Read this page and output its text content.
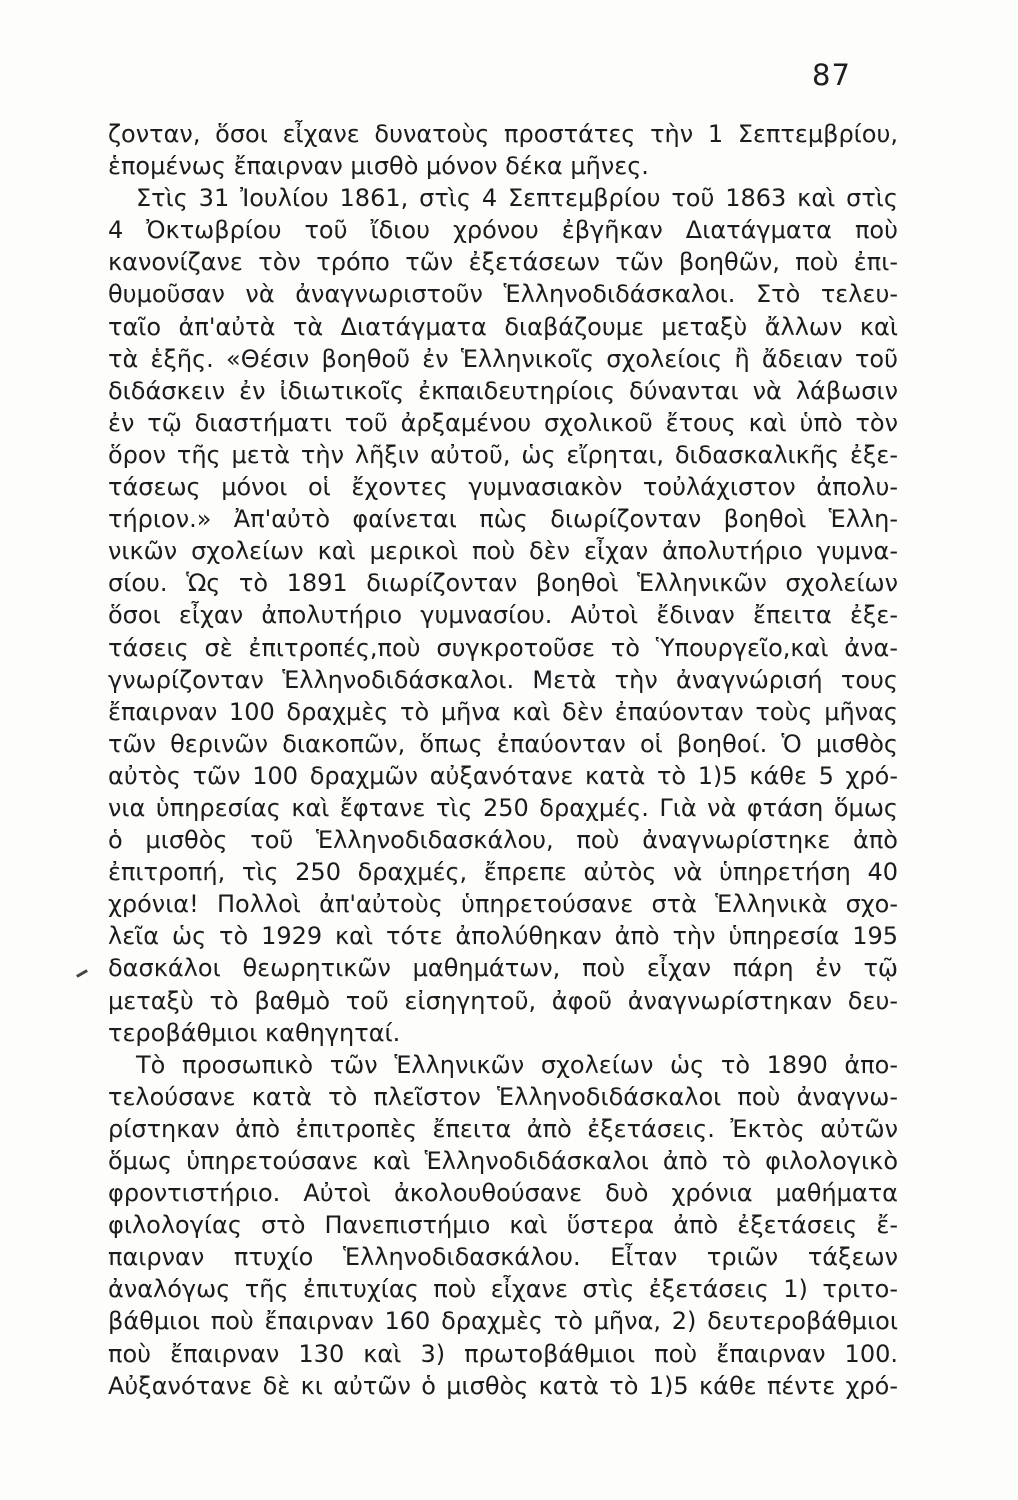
87
ζονταν, ὅσοι εἶχανε δυνατοὺς προστάτες τὴν 1 Σεπτεμβρίου,
ἑπομένως ἔπαιρναν μισθὸ μόνον δέκα μῆνες.
Στὶς 31 Ἰουλίου 1861, στὶς 4 Σεπτεμβρίου τοῦ 1863 καὶ στὶς
4 Ὀκτωβρίου τοῦ ἴδιου χρόνου ἐβγῆκαν Διατάγματα ποὺ
κανονίζανε τὸν τρόπο τῶν ἐξετάσεων τῶν βοηθῶν, ποὺ ἐπι-
θυμοῦσαν νὰ ἀναγνωριστοῦν Ἑλληνοδιδάσκαλοι. Στὸ τελευ-
ταῖο ἀπ'αὐτὰ τὰ Διατάγματα διαβάζουμε μεταξὺ ἄλλων καὶ
τὰ ἑξῆς. «Θέσιν βοηθοῦ ἐν Ἑλληνικοῖς σχολείοις ἢ ἄδειαν τοῦ
διδάσκειν ἐν ἰδιωτικοῖς ἐκπαιδευτηρίοις δύνανται νὰ λάβωσιν
ἐν τῷ διαστήματι τοῦ ἀρξαμένου σχολικοῦ ἔτους καὶ ὑπὸ τὸν
ὅρον τῆς μετὰ τὴν λῆξιν αὐτοῦ, ὡς εἴρηται, διδασκαλικῆς ἐξε-
τάσεως μόνοι οἱ ἔχοντες γυμνασιακὸν τοὐλάχιστον ἀπολυ-
τήριον.» Ἀπ'αὐτὸ φαίνεται πὼς διωρίζονταν βοηθοὶ Ἑλλη-
νικῶν σχολείων καὶ μερικοὶ ποὺ δὲν εἶχαν ἀπολυτήριο γυμνα-
σίου. Ὡς τὸ 1891 διωρίζονταν βοηθοὶ Ἑλληνικῶν σχολείων
ὅσοι εἶχαν ἀπολυτήριο γυμνασίου. Αὐτοὶ ἔδιναν ἔπειτα ἐξε-
τάσεις σὲ ἐπιτροπές,ποὺ συγκροτοῦσε τὸ Ὑπουργεῖο,καὶ ἀνα-
γνωρίζονταν Ἑλληνοδιδάσκαλοι. Μετὰ τὴν ἀναγνώρισή τους
ἔπαιρναν 100 δραχμὲς τὸ μῆνα καὶ δὲν ἐπαύονταν τοὺς μῆνας
τῶν θερινῶν διακοπῶν, ὅπως ἐπαύονταν οἱ βοηθοί. Ὁ μισθὸς
αὐτὸς τῶν 100 δραχμῶν αὐξανότανε κατὰ τὸ 1)5 κάθε 5 χρό-
νια ὑπηρεσίας καὶ ἔφτανε τὶς 250 δραχμές. Γιὰ νὰ φτάση ὅμως
ὁ μισθὸς τοῦ Ἑλληνοδιδασκάλου, ποὺ ἀναγνωρίστηκε ἀπὸ
ἐπιτροπή, τὶς 250 δραχμές, ἔπρεπε αὐτὸς νὰ ὑπηρετήση 40
χρόνια! Πολλοὶ ἀπ'αὐτοὺς ὑπηρετούσανε στὰ Ἑλληνικὰ σχο-
λεῖα ὡς τὸ 1929 καὶ τότε ἀπολύθηκαν ἀπὸ τὴν ὑπηρεσία 195
δασκάλοι θεωρητικῶν μαθημάτων, ποὺ εἶχαν πάρη ἐν τῷ
μεταξὺ τὸ βαθμὸ τοῦ εἰσηγητοῦ, ἀφοῦ ἀναγνωρίστηκαν δευ-
τεροβάθμιοι καθηγηταί.
Τὸ προσωπικὸ τῶν Ἑλληνικῶν σχολείων ὡς τὸ 1890 ἀπο-
τελούσανε κατὰ τὸ πλεῖστον Ἑλληνοδιδάσκαλοι ποὺ ἀναγνω-
ρίστηκαν ἀπὸ ἐπιτροπὲς ἔπειτα ἀπὸ ἐξετάσεις. Ἐκτὸς αὐτῶν
ὅμως ὑπηρετούσανε καὶ Ἑλληνοδιδάσκαλοι ἀπὸ τὸ φιλολογικὸ
φροντιστήριο. Αὐτοὶ ἀκολουθούσανε δυὸ χρόνια μαθήματα
φιλολογίας στὸ Πανεπιστήμιο καὶ ὕστερα ἀπὸ ἐξετάσεις ἔ-
παιρναν πτυχίο Ἑλληνοδιδασκάλου. Εἶταν τριῶν τάξεων
ἀναλόγως τῆς ἐπιτυχίας ποὺ εἶχανε στὶς ἐξετάσεις 1) τριτο-
βάθμιοι ποὺ ἔπαιρναν 160 δραχμὲς τὸ μῆνα, 2) δευτεροβάθμιοι
ποὺ ἔπαιρναν 130 καὶ 3) πρωτοβάθμιοι ποὺ ἔπαιρναν 100.
Αὐξανότανε δὲ κι αὐτῶν ὁ μισθὸς κατὰ τὸ 1)5 κάθε πέντε χρό-
